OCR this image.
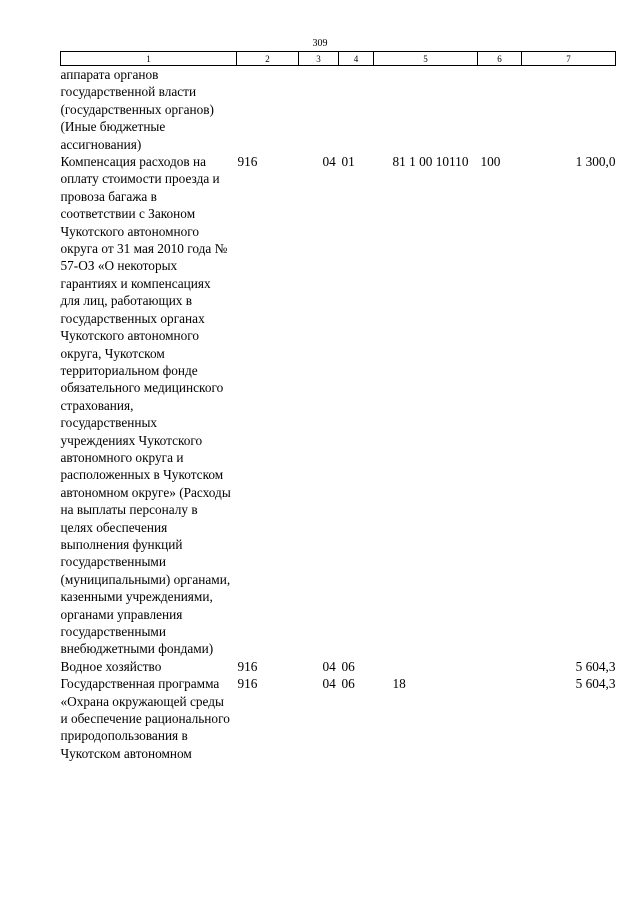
309
1	2	3	4	5	6	7
аппарата органов государственной власти (государственных органов) (Иные бюджетные ассигнования)						
Компенсация расходов на оплату стоимости проезда и провоза багажа в соответствии с Законом Чукотского автономного округа от 31 мая 2010 года № 57-ОЗ «О некоторых гарантиях и компенсациях для лиц, работающих в государственных органах Чукотского автономного округа, Чукотском территориальном фонде обязательного медицинского страхования, государственных учреждениях Чукотского автономного округа и расположенных в Чукотском автономном округе» (Расходы на выплаты персоналу в целях обеспечения выполнения функций государственными (муниципальными) органами, казенными учреждениями, органами управления государственными внебюджетными фондами)	916	04	01	81 1 00 10110	100	1 300,0
Водное хозяйство	916	04	06			5 604,3
Государственная программа «Охрана окружающей среды и обеспечение рационального природопользования в Чукотском автономном	916	04	06	18		5 604,3
